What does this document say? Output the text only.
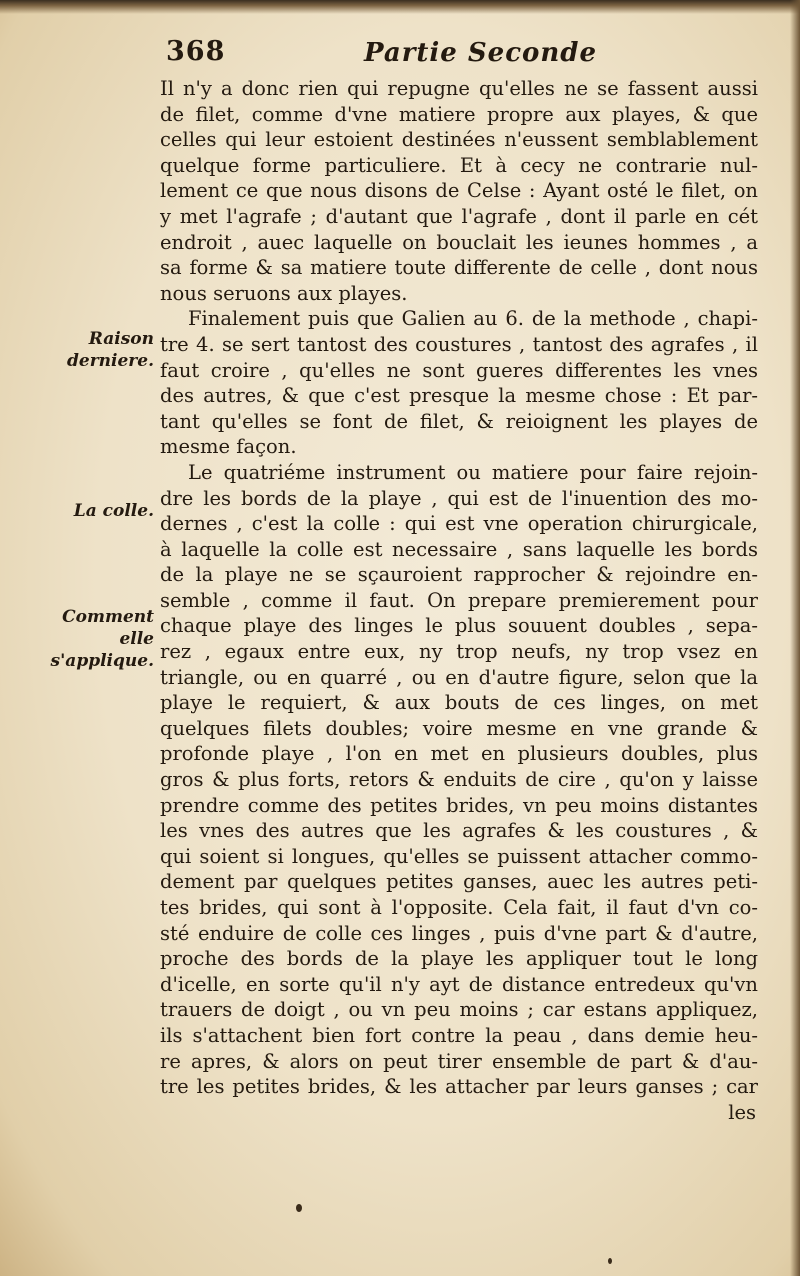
368	Partie Seconde
Raison derniere.
La colle.
Comment elle s'applique.
Il n'y a donc rien qui repugne qu'elles ne se fassent aussi
de filet, comme d'vne matiere propre aux playes, & que
celles qui leur estoient destinées n'eussent semblablement
quelque forme particuliere. Et à cecy ne contrarie nul-
lement ce que nous disons de Celse : Ayant osté le filet, on
y met l'agrafe ; d'autant que l'agrafe , dont il parle en cét
endroit , auec laquelle on bouclait les ieunes hommes , a
sa forme & sa matiere toute differente de celle , dont nous
nous seruons aux playes.
Finalement puis que Galien au 6. de la methode , chapi-
tre 4. se sert tantost des coustures , tantost des agrafes , il
faut croire , qu'elles ne sont gueres differentes les vnes
des autres, & que c'est presque la mesme chose : Et par-
tant qu'elles se font de filet, & reioignent les playes de
mesme façon.
Le quatriéme instrument ou matiere pour faire rejoin-
dre les bords de la playe , qui est de l'inuention des mo-
dernes , c'est la colle : qui est vne operation chirurgicale,
à laquelle la colle est necessaire , sans laquelle les bords
de la playe ne se sçauroient rapprocher & rejoindre en-
semble , comme il faut. On prepare premierement pour
chaque playe des linges le plus souuent doubles , sepa-
rez , egaux entre eux, ny trop neufs, ny trop vsez en
triangle, ou en quarré , ou en d'autre figure, selon que la
playe le requiert, & aux bouts de ces linges, on met
quelques filets doubles; voire mesme en vne grande &
profonde playe , l'on en met en plusieurs doubles, plus
gros & plus forts, retors & enduits de cire , qu'on y laisse
prendre comme des petites brides, vn peu moins distantes
les vnes des autres que les agrafes & les coustures , &
qui soient si longues, qu'elles se puissent attacher commo-
dement par quelques petites ganses, auec les autres peti-
tes brides, qui sont à l'opposite. Cela fait, il faut d'vn co-
sté enduire de colle ces linges , puis d'vne part & d'autre,
proche des bords de la playe les appliquer tout le long
d'icelle, en sorte qu'il n'y ayt de distance entredeux qu'vn
trauers de doigt , ou vn peu moins ; car estans appliquez,
ils s'attachent bien fort contre la peau , dans demie heu-
re apres, & alors on peut tirer ensemble de part & d'au-
tre les petites brides, & les attacher par leurs ganses ; car
les
